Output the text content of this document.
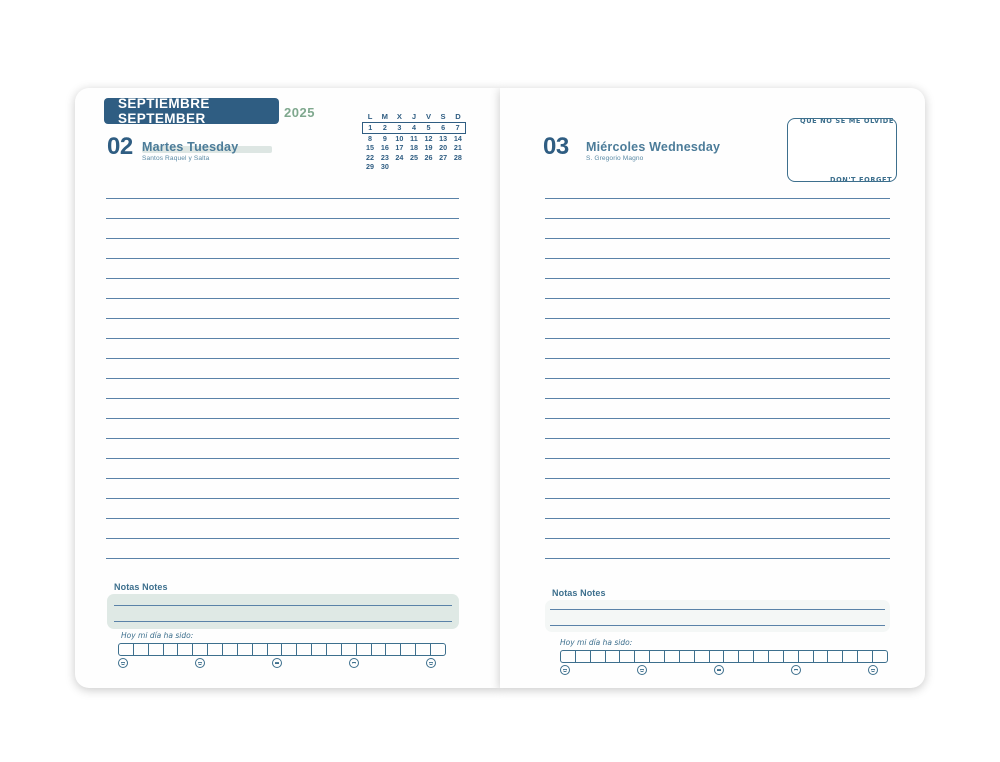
SEPTIEMBRE SEPTEMBER	2025	L	M	X	J	V	S	D
1	2	3	4	5	6	7
8	9	10	11	12	13	14
15	16	17	18	19	20	21
22	23	24	25	26	27	28
29	30					
02 Martes Tuesday
Santos Raquel y Salta
Notas Notes
Hoy mi día ha sido:
03 Miércoles Wednesday
S. Gregorio Magno
QUE NO SE ME OLVIDE
DON'T FORGET
Notas Notes
Hoy mi día ha sido:
